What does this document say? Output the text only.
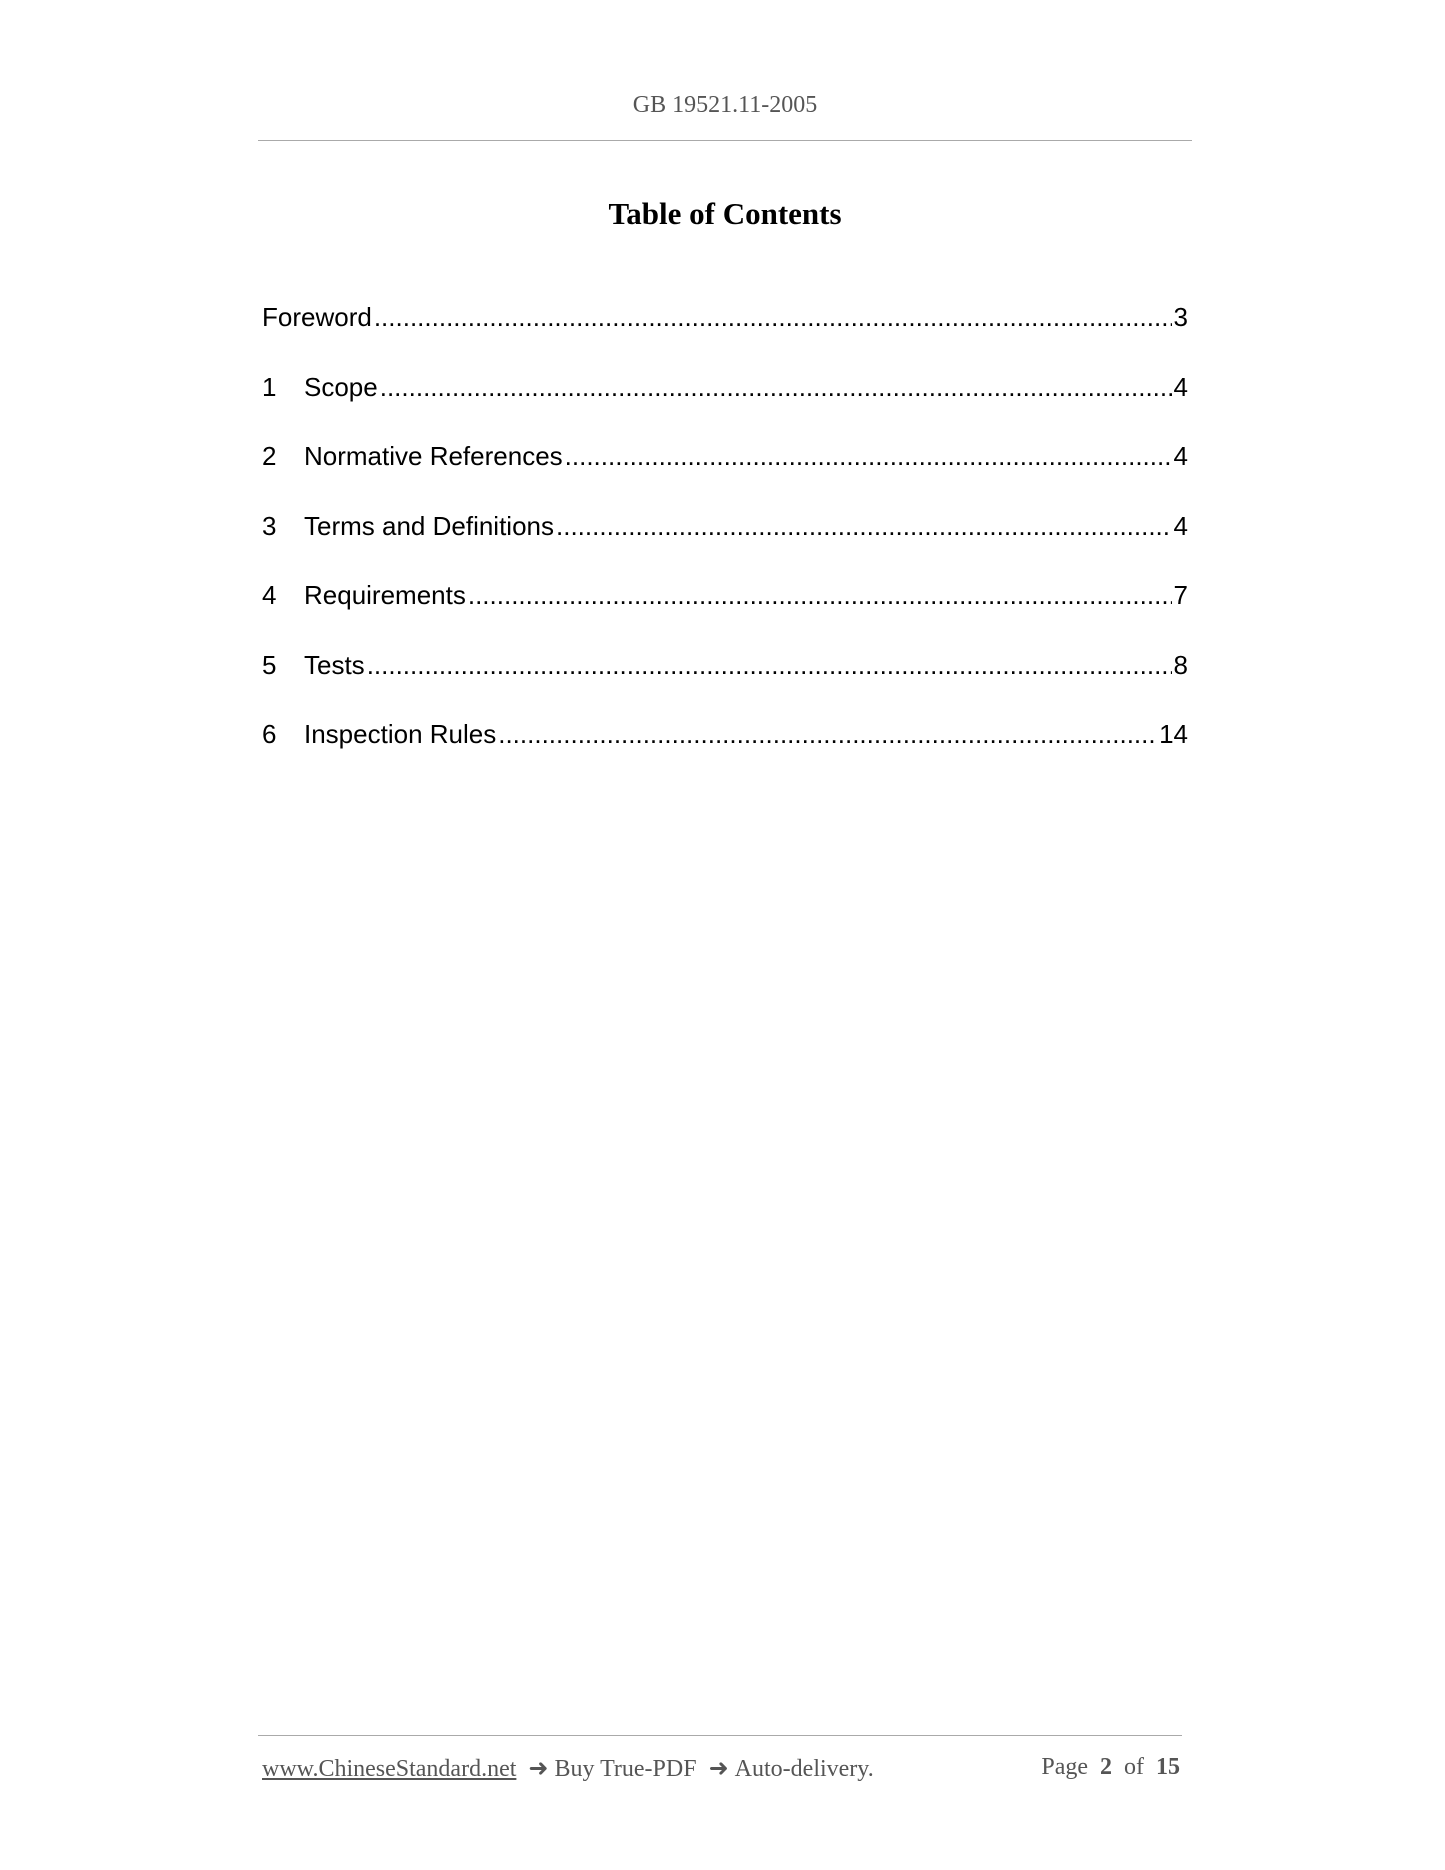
GB 19521.11-2005
Table of Contents
Foreword .....	3
1	Scope .....	4
2	Normative References .....	4
3	Terms and Definitions .....	4
4	Requirements .....	7
5	Tests .....	8
6	Inspection Rules .....	14
www.ChineseStandard.net ➜ Buy True-PDF ➜ Auto-delivery.	Page 2 of 15
